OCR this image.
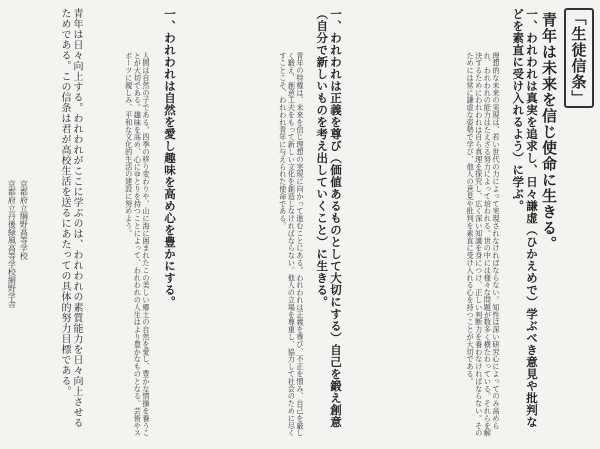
「生徒信条」
青年は未来を信じ使命に生きる。
一、われわれは真実を追求し、日々謙虚（ひかえめで）学ぶべき意見や批判などを素直に受け入れるよう）に学ぶ。
理想的な未来の実現は、若い世代の力によって実現されなければならない。知性は深い研究心によってのみ高められ、われわれの能力はたえざる努力によって培われる。世の中には様々な問題が数多く横たわっている。それらを解決するためにわれわれは自ら真理を探究し、広く深い知識を身につけ、正しい判断力を養わなければならない。そのためには常に謙虚な姿勢で学び、他人の意見や批判を素直に受け入れる心を持つことが大切である。
一、われわれは正義を尊び（価値あるものとして大切にする）自己を鍛え創意（自分で新しいものを考え出していくこと）に生きる。
青年の特権は、未来を信じ理想の実現に向かって進むことにある。われわれは正義を尊び、不正を憎み、自己を厳しく鍛え、創意工夫をもって新しい文化を創造しなければならない。他人の立場を尊重し、協力して社会のために尽くすことこそ、われわれ青年に与えられた使命である。
一、われわれは自然を愛し趣味を高め心を豊かにする。
人間は自然の子である。四季の移り変わりや、山に海に囲まれたこの美しい郷土の自然を愛し、豊かな情操を養うことが大切である。趣味を高め、心にゆとりを持つことによって、われわれの人生はより豊かなものとなる。芸術やスポーツに親しみ、平和な文化的生活の建設に努めよう。
青年は日々向上する。われわれがここに学ぶのは、われわれの素質能力を日々向上させるためである。この信条は君が高校生活を送るにあたっての具体的努力目標である。
京都府立綱野高等学校
京都府立丹後緑風高等学校網野学舎
